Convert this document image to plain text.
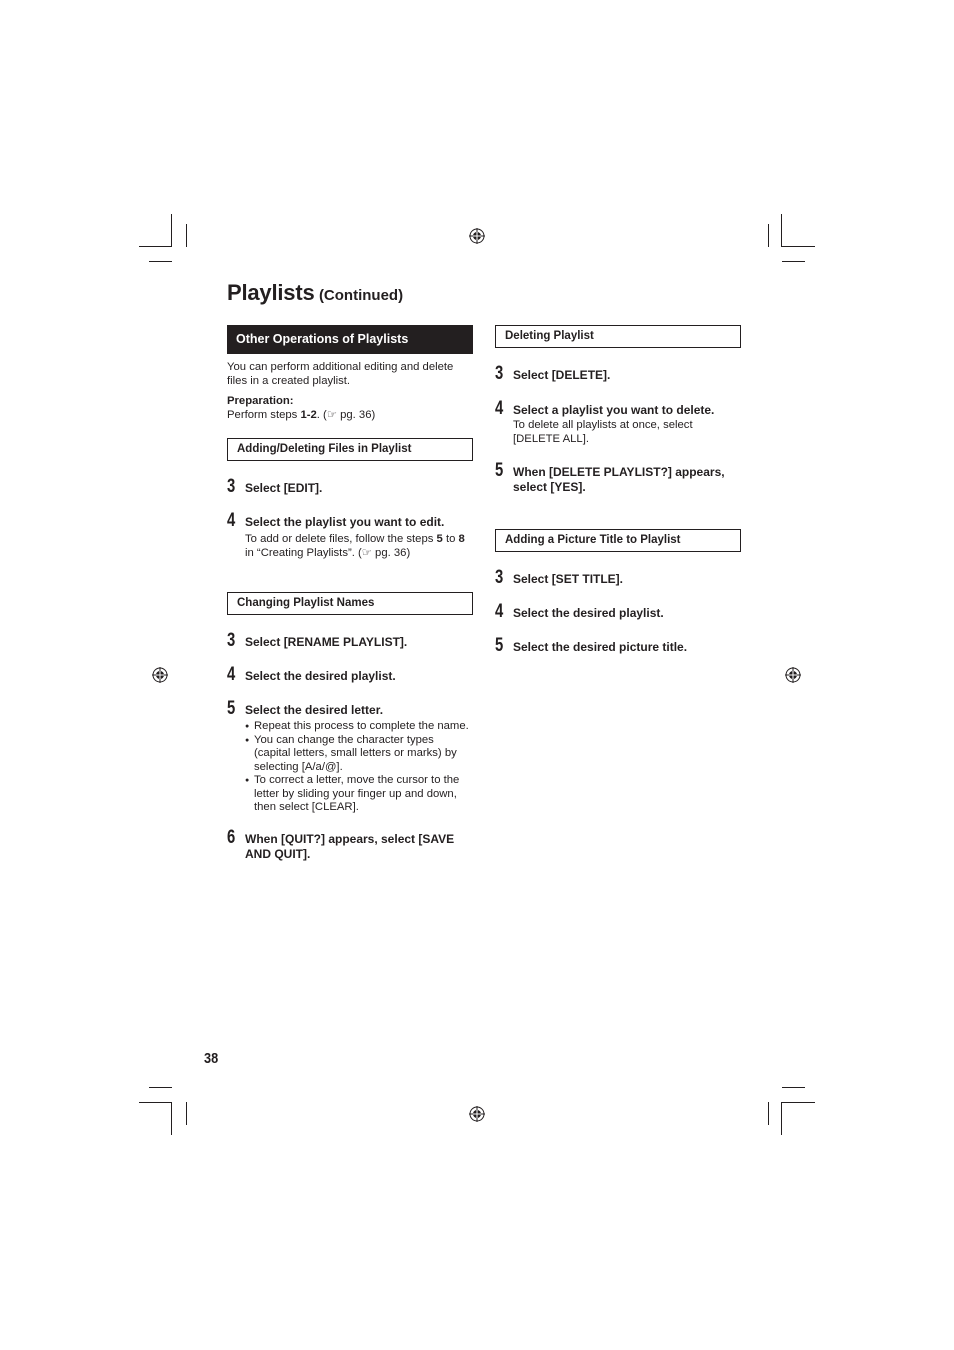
Playlists (Continued)
Other Operations of Playlists
You can perform additional editing and delete files in a created playlist.
Preparation:
Perform steps 1-2. (☞ pg. 36)
Adding/Deleting Files in Playlist
3 Select [EDIT].
4 Select the playlist you want to edit.
To add or delete files, follow the steps 5 to 8 in “Creating Playlists”. (☞ pg. 36)
Changing Playlist Names
3 Select [RENAME PLAYLIST].
4 Select the desired playlist.
5 Select the desired letter.
● Repeat this process to complete the name.
● You can change the character types (capital letters, small letters or marks) by selecting [A/a/@].
● To correct a letter, move the cursor to the letter by sliding your finger up and down, then select [CLEAR].
6 When [QUIT?] appears, select [SAVE AND QUIT].
Deleting Playlist
3 Select [DELETE].
4 Select a playlist you want to delete.
To delete all playlists at once, select [DELETE ALL].
5 When [DELETE PLAYLIST?] appears, select [YES].
Adding a Picture Title to Playlist
3 Select [SET TITLE].
4 Select the desired playlist.
5 Select the desired picture title.
38
